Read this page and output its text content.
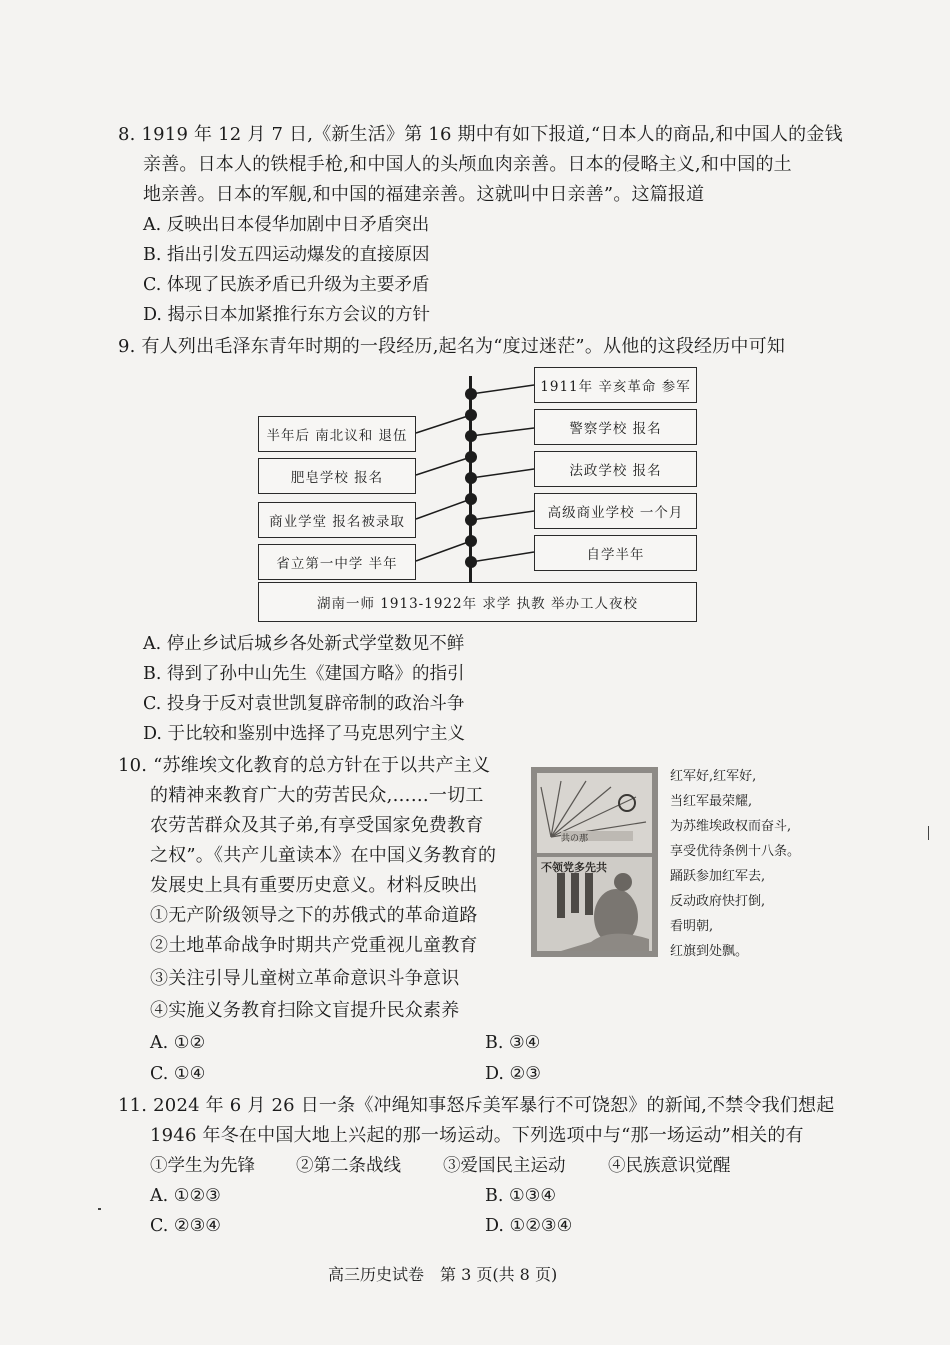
8. 1919 年 12 月 7 日,《新生活》第 16 期中有如下报道,“日本人的商品,和中国人的金钱
亲善。日本人的铁棍手枪,和中国人的头颅血肉亲善。日本的侵略主义,和中国的土
地亲善。日本的军舰,和中国的福建亲善。这就叫中日亲善”。这篇报道
A. 反映出日本侵华加剧中日矛盾突出
B. 指出引发五四运动爆发的直接原因
C. 体现了民族矛盾已升级为主要矛盾
D. 揭示日本加紧推行东方会议的方针
9. 有人列出毛泽东青年时期的一段经历,起名为“度过迷茫”。从他的这段经历中可知
1911年 辛亥革命 参军
警察学校 报名
法政学校 报名
高级商业学校 一个月
自学半年
半年后 南北议和 退伍
肥皂学校 报名
商业学堂 报名被录取
省立第一中学 半年
湖南一师 1913-1922年 求学 执教 举办工人夜校
A. 停止乡试后城乡各处新式学堂数见不鲜
B. 得到了孙中山先生《建国方略》的指引
C. 投身于反对袁世凯复辟帝制的政治斗争
D. 于比较和鉴别中选择了马克思列宁主义
10. “苏维埃文化教育的总方针在于以共产主义
的精神来教育广大的劳苦民众,……一切工
农劳苦群众及其子弟,有享受国家免费教育
之权”。《共产儿童读本》在中国义务教育的
发展史上具有重要历史意义。材料反映出
①无产阶级领导之下的苏俄式的革命道路
②土地革命战争时期共产党重视儿童教育
③关注引导儿童树立革命意识斗争意识
④实施义务教育扫除文盲提升民众素养
共の那
不领党多先共
红军好,红军好,
当红军最荣耀,
为苏维埃政权而奋斗,
享受优待条例十八条。
踊跃参加红军去,
反动政府快打倒,
看明朝,
红旗到处飘。
A. ①②	B. ③④
C. ①④	D. ②③
11. 2024 年 6 月 26 日一条《冲绳知事怒斥美军暴行不可饶恕》的新闻,不禁令我们想起
1946 年冬在中国大地上兴起的那一场运动。下列选项中与“那一场运动”相关的有
①学生为先锋 ②第二条战线 ③爱国民主运动 ④民族意识觉醒
A. ①②③	B. ①③④
C. ②③④	D. ①②③④
高三历史试卷　第 3 页(共 8 页)
